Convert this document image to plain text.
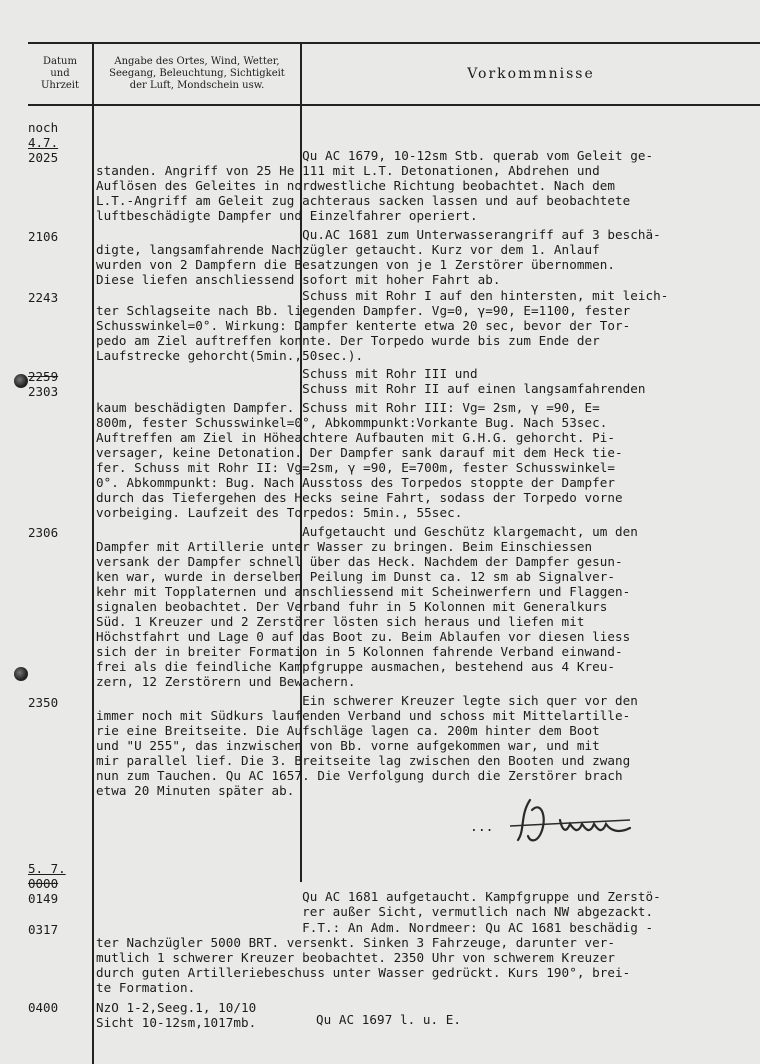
Datum
und
Uhrzeit
Angabe des Ortes, Wind, Wetter,
Seegang, Beleuchtung, Sichtigkeit
der Luft, Mondschein usw.
Vorkommnisse
noch
4.7.
2025
2106
2243
2259
2303
2306
2350
5. 7.
0000
0149
0317
0400
Qu AC 1679, 10-12sm Stb. querab vom Geleit ge-
standen. Angriff von 25 He 111 mit L.T. Detonationen, Abdrehen und
Auflösen des Geleites in nordwestliche Richtung beobachtet. Nach dem
L.T.-Angriff am Geleit zug achteraus sacken lassen und auf beobachtete
luftbeschädigte Dampfer und Einzelfahrer operiert.
Qu.AC 1681 zum Unterwasserangriff auf 3 beschä-
digte, langsamfahrende Nachzügler getaucht. Kurz vor dem 1. Anlauf
wurden von 2 Dampfern die Besatzungen von je 1 Zerstörer übernommen.
Diese liefen anschliessend sofort mit hoher Fahrt ab.
Schuss mit Rohr I auf den hintersten, mit leich-
ter Schlagseite nach Bb. liegenden Dampfer. Vg=0, γ=90, E=1100, fester
Schusswinkel=0°. Wirkung: Dampfer kenterte etwa 20 sec, bevor der Tor-
pedo am Ziel auftreffen konnte. Der Torpedo wurde bis zum Ende der
Laufstrecke gehorcht(5min.,50sec.).
Schuss mit Rohr III und
Schuss mit Rohr II auf einen langsamfahrenden
kaum beschädigten Dampfer. Schuss mit Rohr III: Vg= 2sm, γ =90, E=
800m, fester Schusswinkel=0°, Abkommpunkt:Vorkante Bug. Nach 53sec.
Auftreffen am Ziel in Höheachtere Aufbauten mit G.H.G. gehorcht. Pi-
versager, keine Detonation. Der Dampfer sank darauf mit dem Heck tie-
fer. Schuss mit Rohr II: Vg=2sm, γ =90, E=700m, fester Schusswinkel=
0°. Abkommpunkt: Bug. Nach Ausstoss des Torpedos stoppte der Dampfer
durch das Tiefergehen des Hecks seine Fahrt, sodass der Torpedo vorne
vorbeiging. Laufzeit des Torpedos: 5min., 55sec.
Aufgetaucht und Geschütz klargemacht, um den
Dampfer mit Artillerie unter Wasser zu bringen. Beim Einschiessen
versank der Dampfer schnell über das Heck. Nachdem der Dampfer gesun-
ken war, wurde in derselben Peilung im Dunst ca. 12 sm ab Signalver-
kehr mit Topplaternen und anschliessend mit Scheinwerfern und Flaggen-
signalen beobachtet. Der Verband fuhr in 5 Kolonnen mit Generalkurs
Süd. 1 Kreuzer und 2 Zerstörer lösten sich heraus und liefen mit
Höchstfahrt und Lage 0 auf das Boot zu. Beim Ablaufen vor diesen liess
sich der in breiter Formation in 5 Kolonnen fahrende Verband einwand-
frei als die feindliche Kampfgruppe ausmachen, bestehend aus 4 Kreu-
zern, 12 Zerstörern und Bewachern.
Ein schwerer Kreuzer legte sich quer vor den
immer noch mit Südkurs laufenden Verband und schoss mit Mittelartille-
rie eine Breitseite. Die Aufschläge lagen ca. 200m hinter dem Boot
und "U 255", das inzwischen von Bb. vorne aufgekommen war, und mit
mir parallel lief. Die 3. Breitseite lag zwischen den Booten und zwang
nun zum Tauchen. Qu AC 1657. Die Verfolgung durch die Zerstörer brach
etwa 20 Minuten später ab.
...
Qu AC 1681 aufgetaucht. Kampfgruppe und Zerstö-
rer außer Sicht, vermutlich nach NW abgezackt.
F.T.: An Adm. Nordmeer: Qu AC 1681 beschädig -
ter Nachzügler 5000 BRT. versenkt. Sinken 3 Fahrzeuge, darunter ver-
mutlich 1 schwerer Kreuzer beobachtet. 2350 Uhr von schwerem Kreuzer
durch guten Artilleriebeschuss unter Wasser gedrückt. Kurs 190°, brei-
te Formation.
NzO 1-2,Seeg.1, 10/10
Sicht 10-12sm,1017mb.	Qu AC 1697 l. u. E.
